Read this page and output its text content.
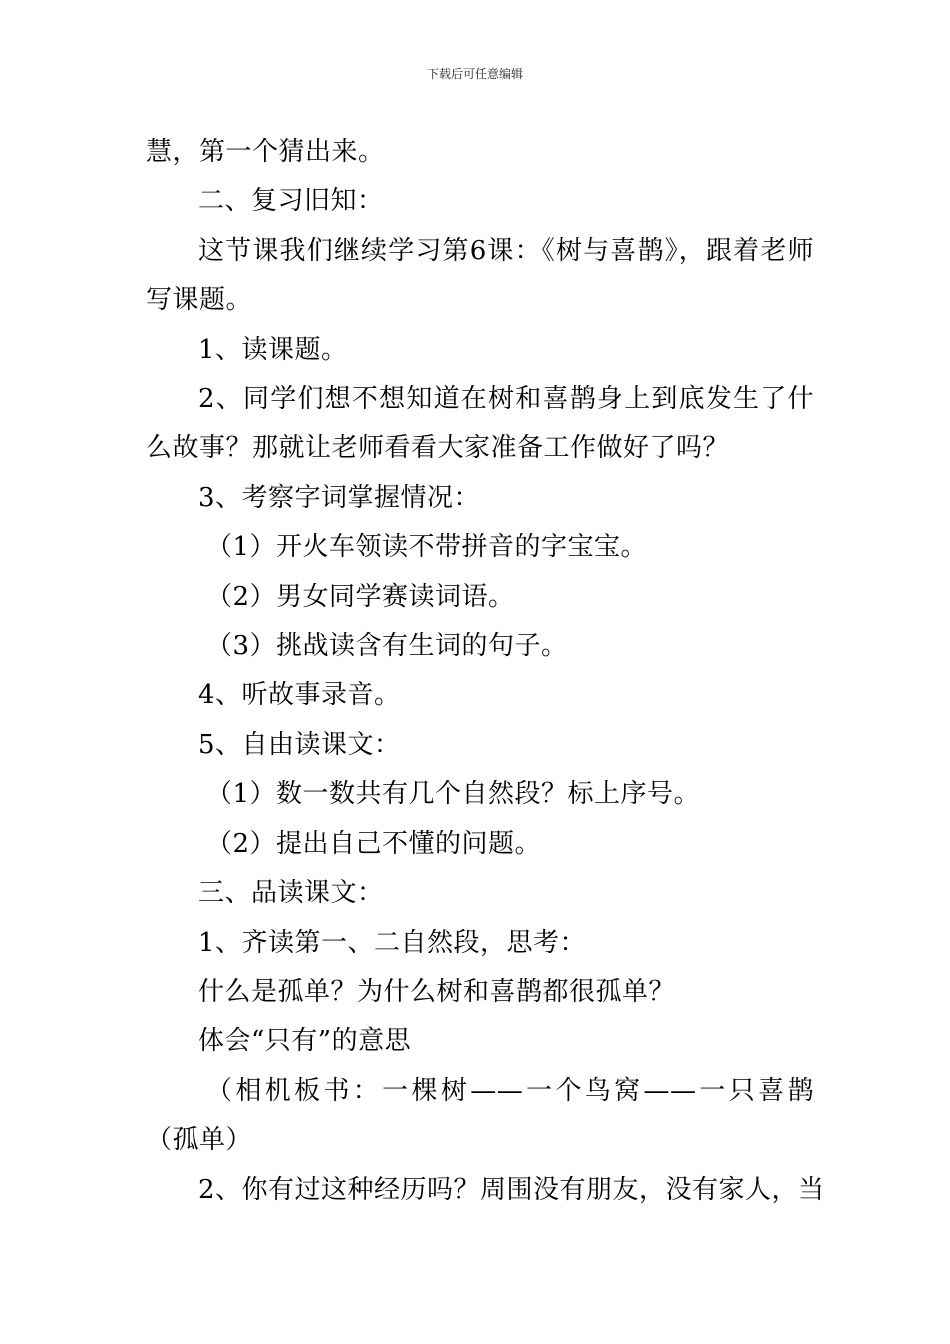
下载后可任意编辑
慧，第一个猜出来。
二、复习旧知：
这节课我们继续学习第6课：《树与喜鹊》，跟着老师写课题。
1、读课题。
2、同学们想不想知道在树和喜鹊身上到底发生了什么故事？那就让老师看看大家准备工作做好了吗？
3、考察字词掌握情况：
（1）开火车领读不带拼音的字宝宝。
（2）男女同学赛读词语。
（3）挑战读含有生词的句子。
4、听故事录音。
5、自由读课文：
（1）数一数共有几个自然段？标上序号。
（2）提出自己不懂的问题。
三、品读课文：
1、齐读第一、二自然段，思考：
什么是孤单？为什么树和喜鹊都很孤单？
体会“只有”的意思
（相机板书：一棵树——一个鸟窝——一只喜鹊（孤单）
2、你有过这种经历吗？周围没有朋友，没有家人，当
